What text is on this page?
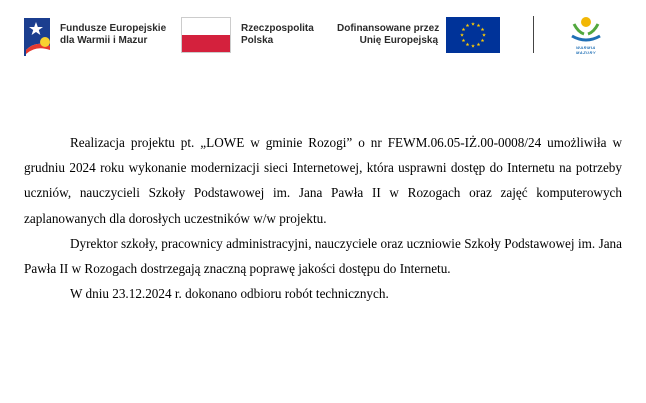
Fundusze Europejskie
dla Warmii i Mazur
Rzeczpospolita
Polska
Dofinansowane przez
Unię Europejską
WARMIA
MAZURY

Realizacja projektu pt. „LOWE w gminie Rozogi” o nr FEWM.06.05-IŻ.00-0008/24 umożliwiła w grudniu 2024 roku wykonanie modernizacji sieci Internetowej, która usprawni dostęp do Internetu na potrzeby uczniów, nauczycieli Szkoły Podstawowej im. Jana Pawła II w Rozogach oraz zajęć komputerowych zaplanowanych dla dorosłych uczestników w/w projektu.

Dyrektor szkoły, pracownicy administracyjni, nauczyciele oraz uczniowie Szkoły Podstawowej im. Jana Pawła II w Rozogach dostrzegają znaczną poprawę jakości dostępu do Internetu.

W dniu 23.12.2024 r. dokonano odbioru robót technicznych.
